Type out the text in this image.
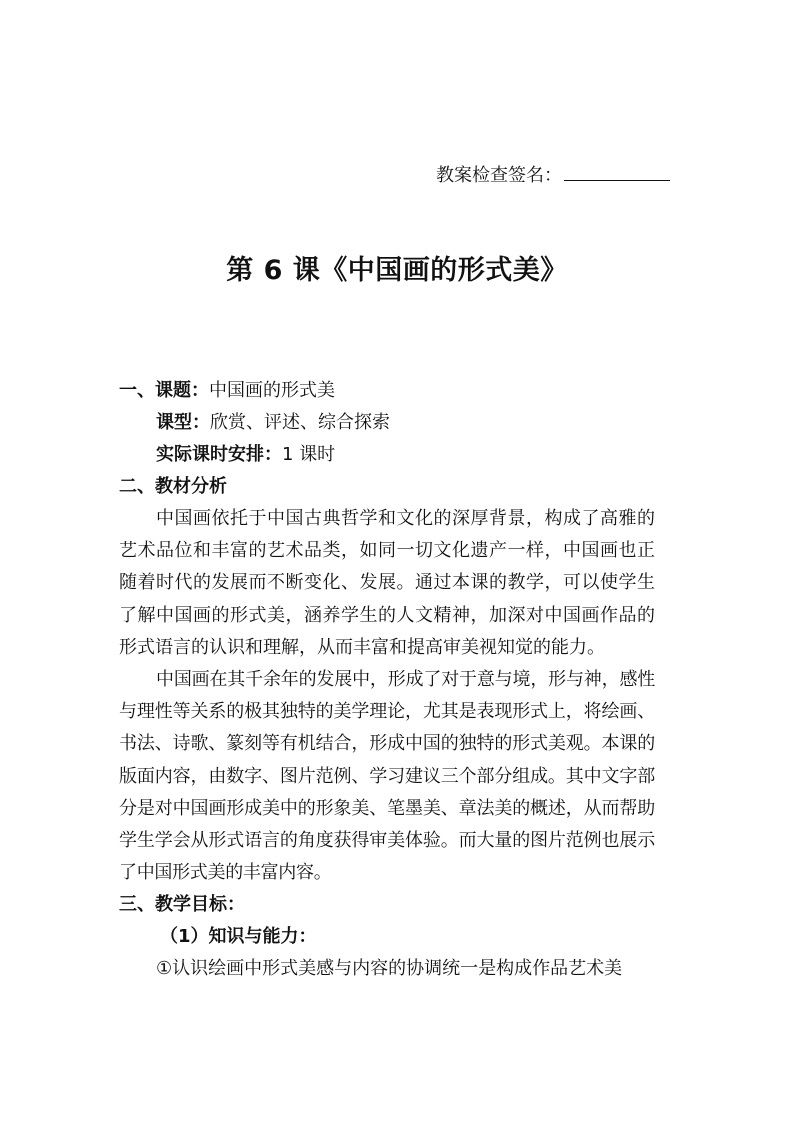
教案检查签名：
第 6 课《中国画的形式美》
一、课题：中国画的形式美
课型：欣赏、评述、综合探索
实际课时安排：1 课时
二、教材分析

中国画依托于中国古典哲学和文化的深厚背景，构成了高雅的艺术品位和丰富的艺术品类，如同一切文化遗产一样，中国画也正随着时代的发展而不断变化、发展。通过本课的教学，可以使学生了解中国画的形式美，涵养学生的人文精神，加深对中国画作品的形式语言的认识和理解，从而丰富和提高审美视知觉的能力。

中国画在其千余年的发展中，形成了对于意与境，形与神，感性与理性等关系的极其独特的美学理论，尤其是表现形式上，将绘画、书法、诗歌、篆刻等有机结合，形成中国的独特的形式美观。本课的版面内容，由数字、图片范例、学习建议三个部分组成。其中文字部分是对中国画形成美中的形象美、笔墨美、章法美的概述，从而帮助学生学会从形式语言的角度获得审美体验。而大量的图片范例也展示了中国形式美的丰富内容。

三、教学目标：
（1）知识与能力：
①认识绘画中形式美感与内容的协调统一是构成作品艺术美
